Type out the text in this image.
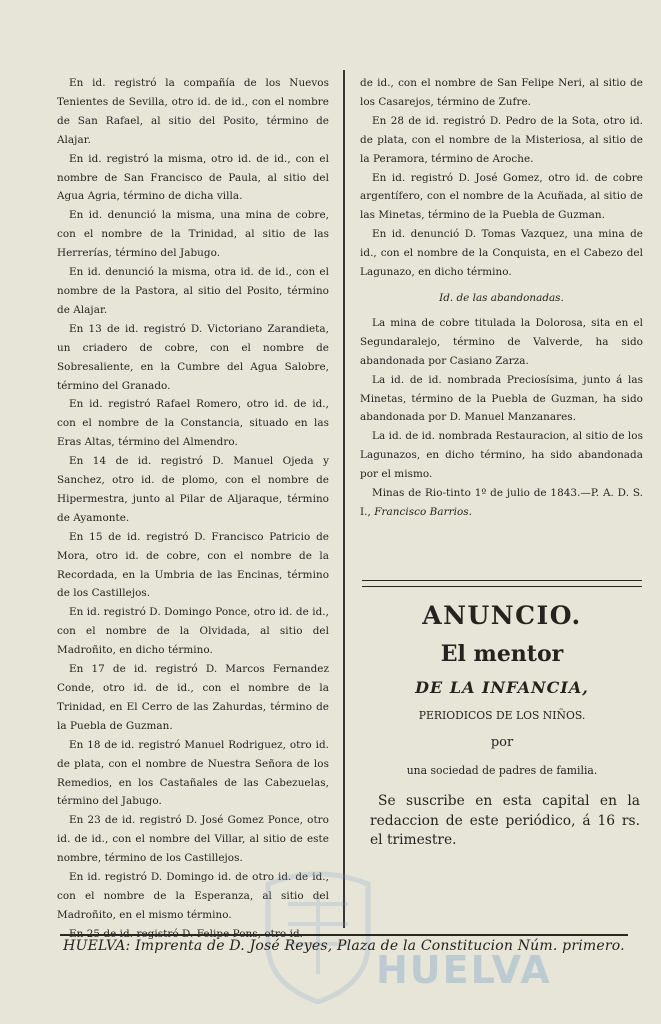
En id. registró la compañía de los Nuevos Tenientes de Sevilla, otro id. de id., con el nombre de San Rafael, al sitio del Posito, término de Alajar.

En id. registró la misma, otro id. de id., con el nombre de San Francisco de Paula, al sitio del Agua Agria, término de dicha villa.

En id. denunció la misma, una mina de cobre, con el nombre de la Trinidad, al sitio de las Herrerías, término del Jabugo.

En id. denunció la misma, otra id. de id., con el nombre de la Pastora, al sitio del Posito, término de Alajar.

En 13 de id. registró D. Victoriano Zarandieta, un criadero de cobre, con el nombre de Sobresaliente, en la Cumbre del Agua Salobre, término del Granado.

En id. registró Rafael Romero, otro id. de id., con el nombre de la Constancia, situado en las Eras Altas, término del Almendro.

En 14 de id. registró D. Manuel Ojeda y Sanchez, otro id. de plomo, con el nombre de Hipermestra, junto al Pilar de Aljaraque, término de Ayamonte.

En 15 de id. registró D. Francisco Patricio de Mora, otro id. de cobre, con el nombre de la Recordada, en la Umbria de las Encinas, término de los Castillejos.

En id. registró D. Domingo Ponce, otro id. de id., con el nombre de la Olvidada, al sitio del Madroñito, en dicho término.

En 17 de id. registró D. Marcos Fernandez Conde, otro id. de id., con el nombre de la Trinidad, en El Cerro de las Zahurdas, término de la Puebla de Guzman.

En 18 de id. registró Manuel Rodriguez, otro id. de plata, con el nombre de Nuestra Señora de los Remedios, en los Castañales de las Cabezuelas, término del Jabugo.

En 23 de id. registró D. José Gomez Ponce, otro id. de id., con el nombre del Villar, al sitio de este nombre, término de los Castillejos.

En id. registró D. Domingo id. de otro id. de id., con el nombre de la Esperanza, al sitio del Madroñito, en el mismo término.

de id., con el nombre de San Felipe Neri, al sitio de los Casarejos, término de Zufre.

En 28 de id. registró D. Pedro de la Sota, otro id. de plata, con el nombre de la Misteriosa, al sitio de la Peramora, término de Aroche.

En id. registró D. José Gomez, otro id. de cobre argentífero, con el nombre de la Acuñada, al sitio de las Minetas, término de la Puebla de Guzman.

En id. denunció D. Tomas Vazquez, una mina de id., con el nombre de la Conquista, en el Cabezo del Lagunazo, en dicho término.

Id. de las abandonadas.

La mina de cobre titulada la Dolorosa, sita en el Segundaralejo, término de Valverde, ha sido abandonada por Casiano Zarza.

La id. de id. nombrada Preciosísima, junto á las Minetas, término de la Puebla de Guzman, ha sido abandonada por D. Manuel Manzanares.

La id. de id. nombrada Restauracion, al sitio de los Lagunazos, en dicho término, ha sido abandonada por el mismo.

Minas de Rio-tinto 1º de julio de 1843.—P. A. D. S. I., Francisco Barrios.

ANUNCIO.
El mentor
DE LA INFANCIA,
PERIODICOS DE LOS NIÑOS.
por
una sociedad de padres de familia.
Se suscribe en esta capital en la redaccion de este periódico, á 16 rs. el trimestre.
HUELVA
HUELVA: Imprenta de D. José Reyes, Plaza de la Constitucion Núm. primero.
